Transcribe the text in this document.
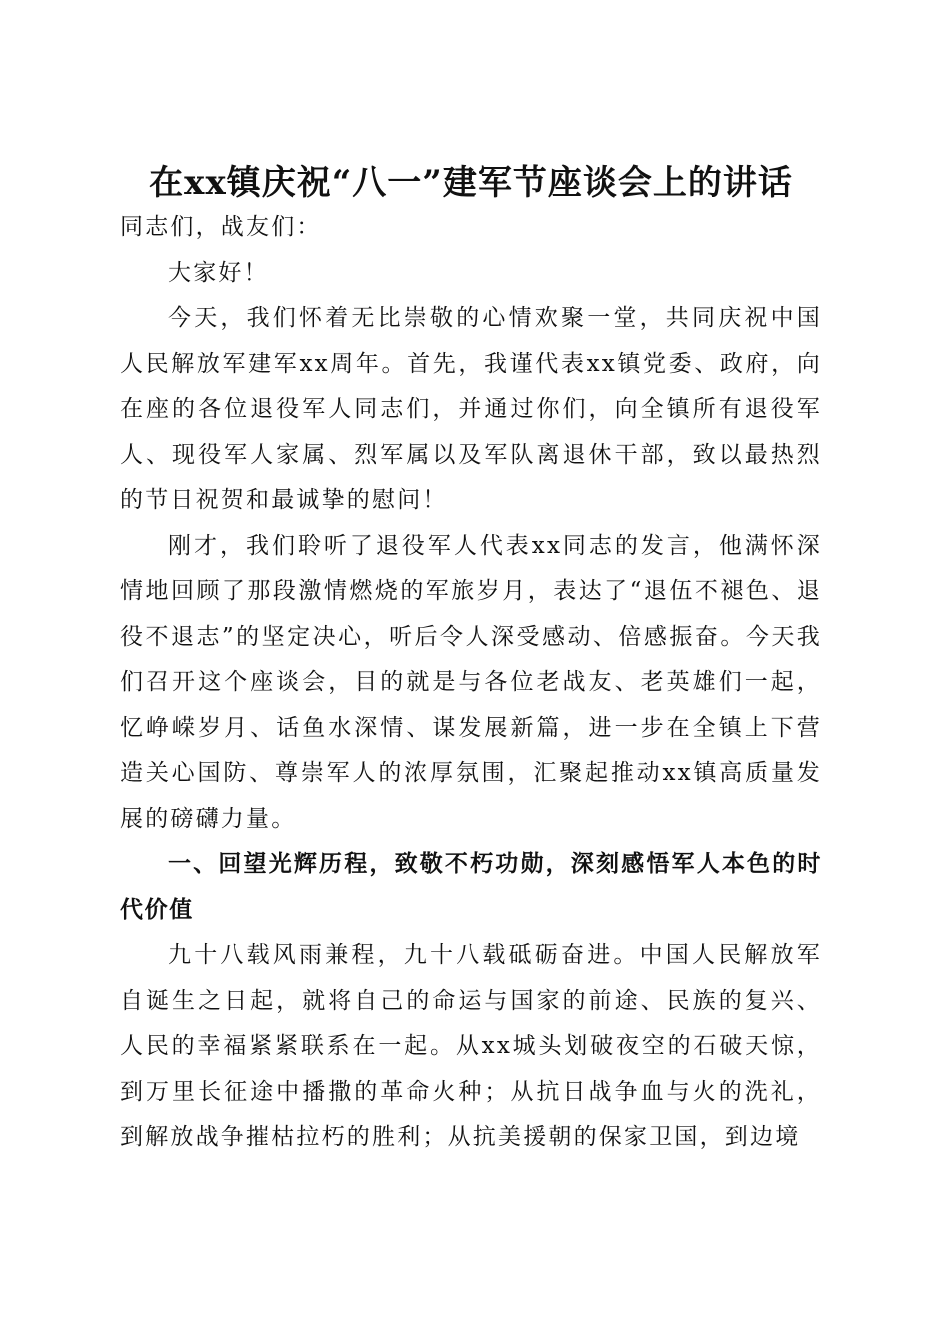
在xx镇庆祝“八一”建军节座谈会上的讲话

同志们，战友们：

大家好！

今天，我们怀着无比崇敬的心情欢聚一堂，共同庆祝中国人民解放军建军xx周年。首先，我谨代表xx镇党委、政府，向在座的各位退役军人同志们，并通过你们，向全镇所有退役军人、现役军人家属、烈军属以及军队离退休干部，致以最热烈的节日祝贺和最诚挚的慰问！

刚才，我们聆听了退役军人代表xx同志的发言，他满怀深情地回顾了那段激情燃烧的军旅岁月，表达了“退伍不褪色、退役不退志”的坚定决心，听后令人深受感动、倍感振奋。今天我们召开这个座谈会，目的就是与各位老战友、老英雄们一起，忆峥嵘岁月、话鱼水深情、谋发展新篇，进一步在全镇上下营造关心国防、尊崇军人的浓厚氛围，汇聚起推动xx镇高质量发展的磅礴力量。

一、回望光辉历程，致敬不朽功勋，深刻感悟军人本色的时代价值

九十八载风雨兼程，九十八载砥砺奋进。中国人民解放军自诞生之日起，就将自己的命运与国家的前途、民族的复兴、人民的幸福紧紧联系在一起。从xx城头划破夜空的石破天惊，到万里长征途中播撒的革命火种；从抗日战争血与火的洗礼，到解放战争摧枯拉朽的胜利；从抗美援朝的保家卫国，到边境
